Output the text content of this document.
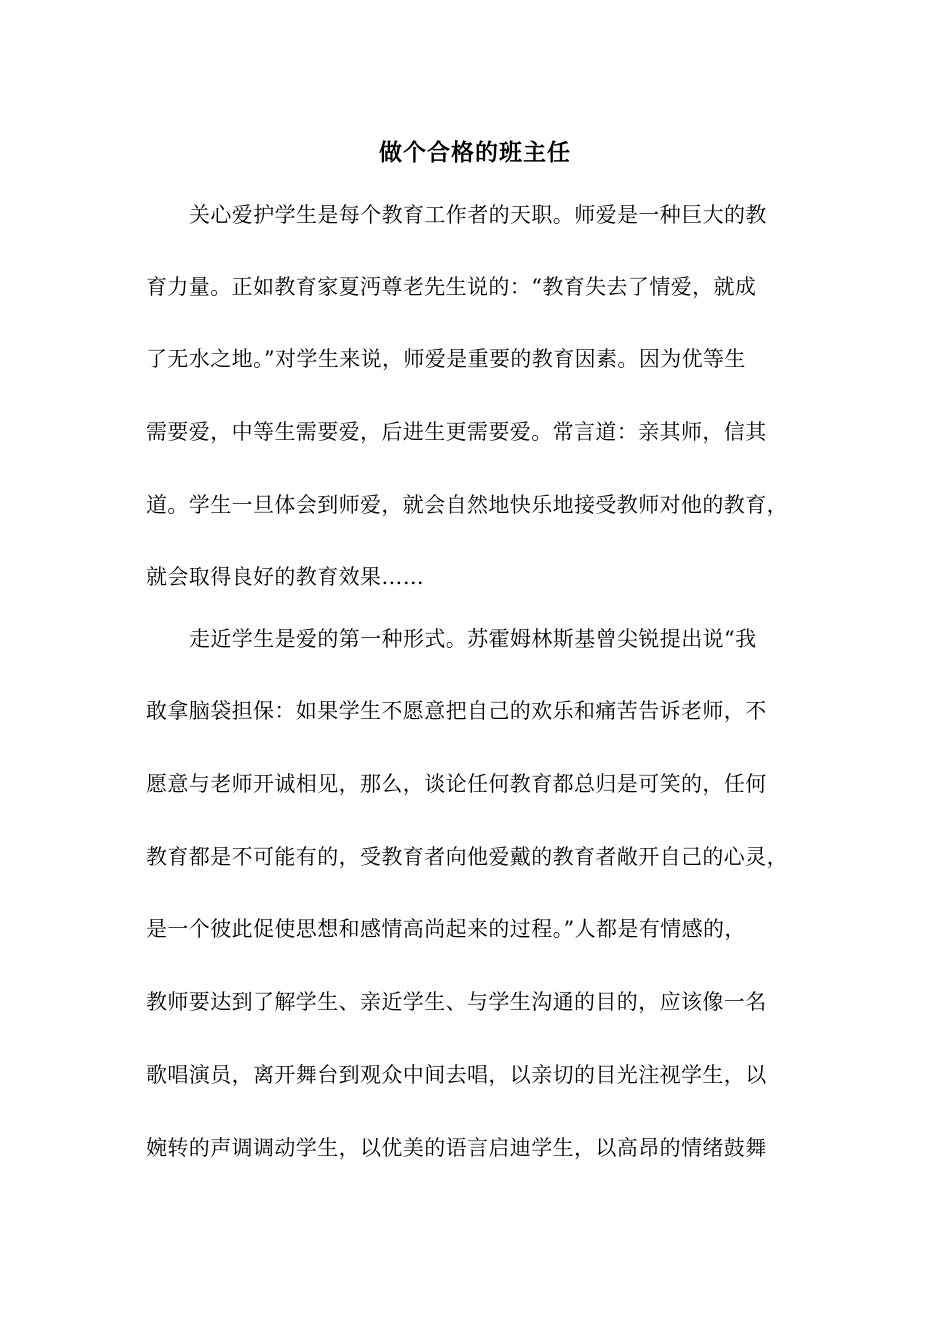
做个合格的班主任
关心爱护学生是每个教育工作者的天职。师爱是一种巨大的教
育力量。正如教育家夏沔尊老先生说的：“教育失去了情爱，就成
了无水之地。”对学生来说，师爱是重要的教育因素。因为优等生
需要爱，中等生需要爱，后进生更需要爱。常言道：亲其师，信其
道。学生一旦体会到师爱，就会自然地快乐地接受教师对他的教育，
就会取得良好的教育效果……
走近学生是爱的第一种形式。苏霍姆林斯基曾尖锐提出说“我
敢拿脑袋担保：如果学生不愿意把自己的欢乐和痛苦告诉老师，不
愿意与老师开诚相见，那么，谈论任何教育都总归是可笑的，任何
教育都是不可能有的，受教育者向他爱戴的教育者敞开自己的心灵，
是一个彼此促使思想和感情高尚起来的过程。”人都是有情感的，
教师要达到了解学生、亲近学生、与学生沟通的目的，应该像一名
歌唱演员，离开舞台到观众中间去唱，以亲切的目光注视学生，以
婉转的声调调动学生，以优美的语言启迪学生，以高昂的情绪鼓舞
